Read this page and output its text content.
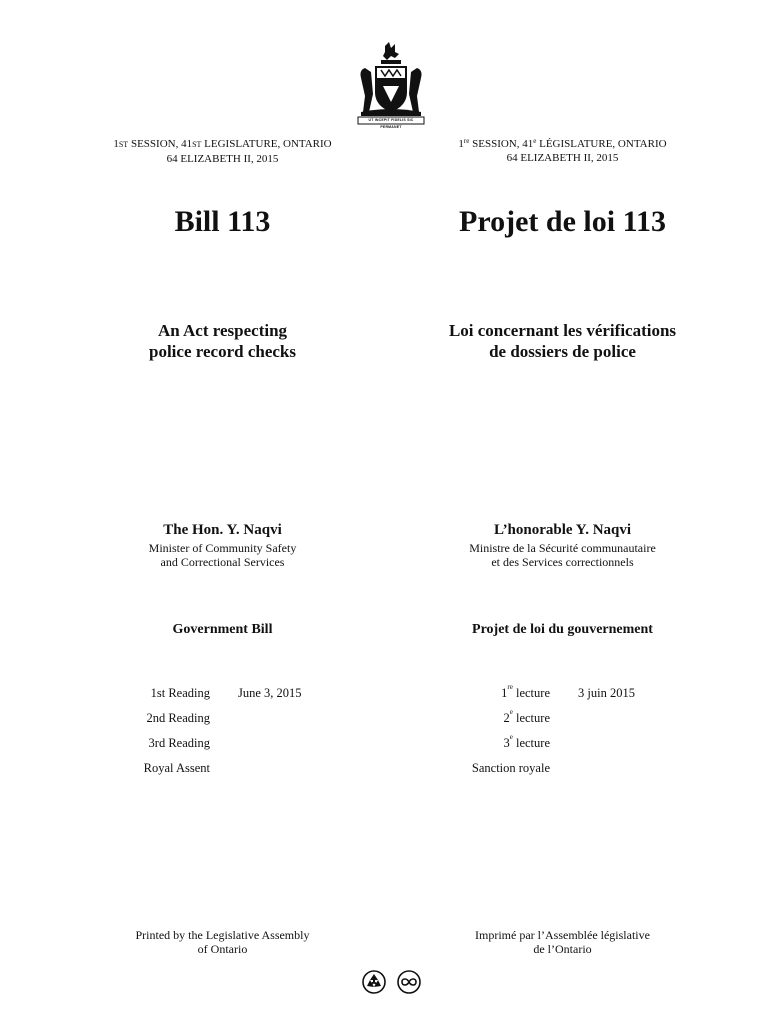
UT INCEPIT FIDELIS SIC PERMANET
1ST SESSION, 41ST LEGISLATURE, ONTARIO
64 ELIZABETH II, 2015
1re SESSION, 41e LÉGISLATURE, ONTARIO
64 ELIZABETH II, 2015
Bill 113	Projet de loi 113
An Act respecting
police record checks
Loi concernant les vérifications
de dossiers de police
The Hon. Y. Naqvi
Minister of Community Safety
and Correctional Services
L’honorable Y. Naqvi
Ministre de la Sécurité communautaire
et des Services correctionnels
Government Bill	Projet de loi du gouvernement
1st Reading June 3, 2015
2nd Reading
3rd Reading
Royal Assent
1re lecture 3 juin 2015
2e lecture
3e lecture
Sanction royale
Printed by the Legislative Assembly
of Ontario
Imprimé par l’Assemblée législative
de l’Ontario
